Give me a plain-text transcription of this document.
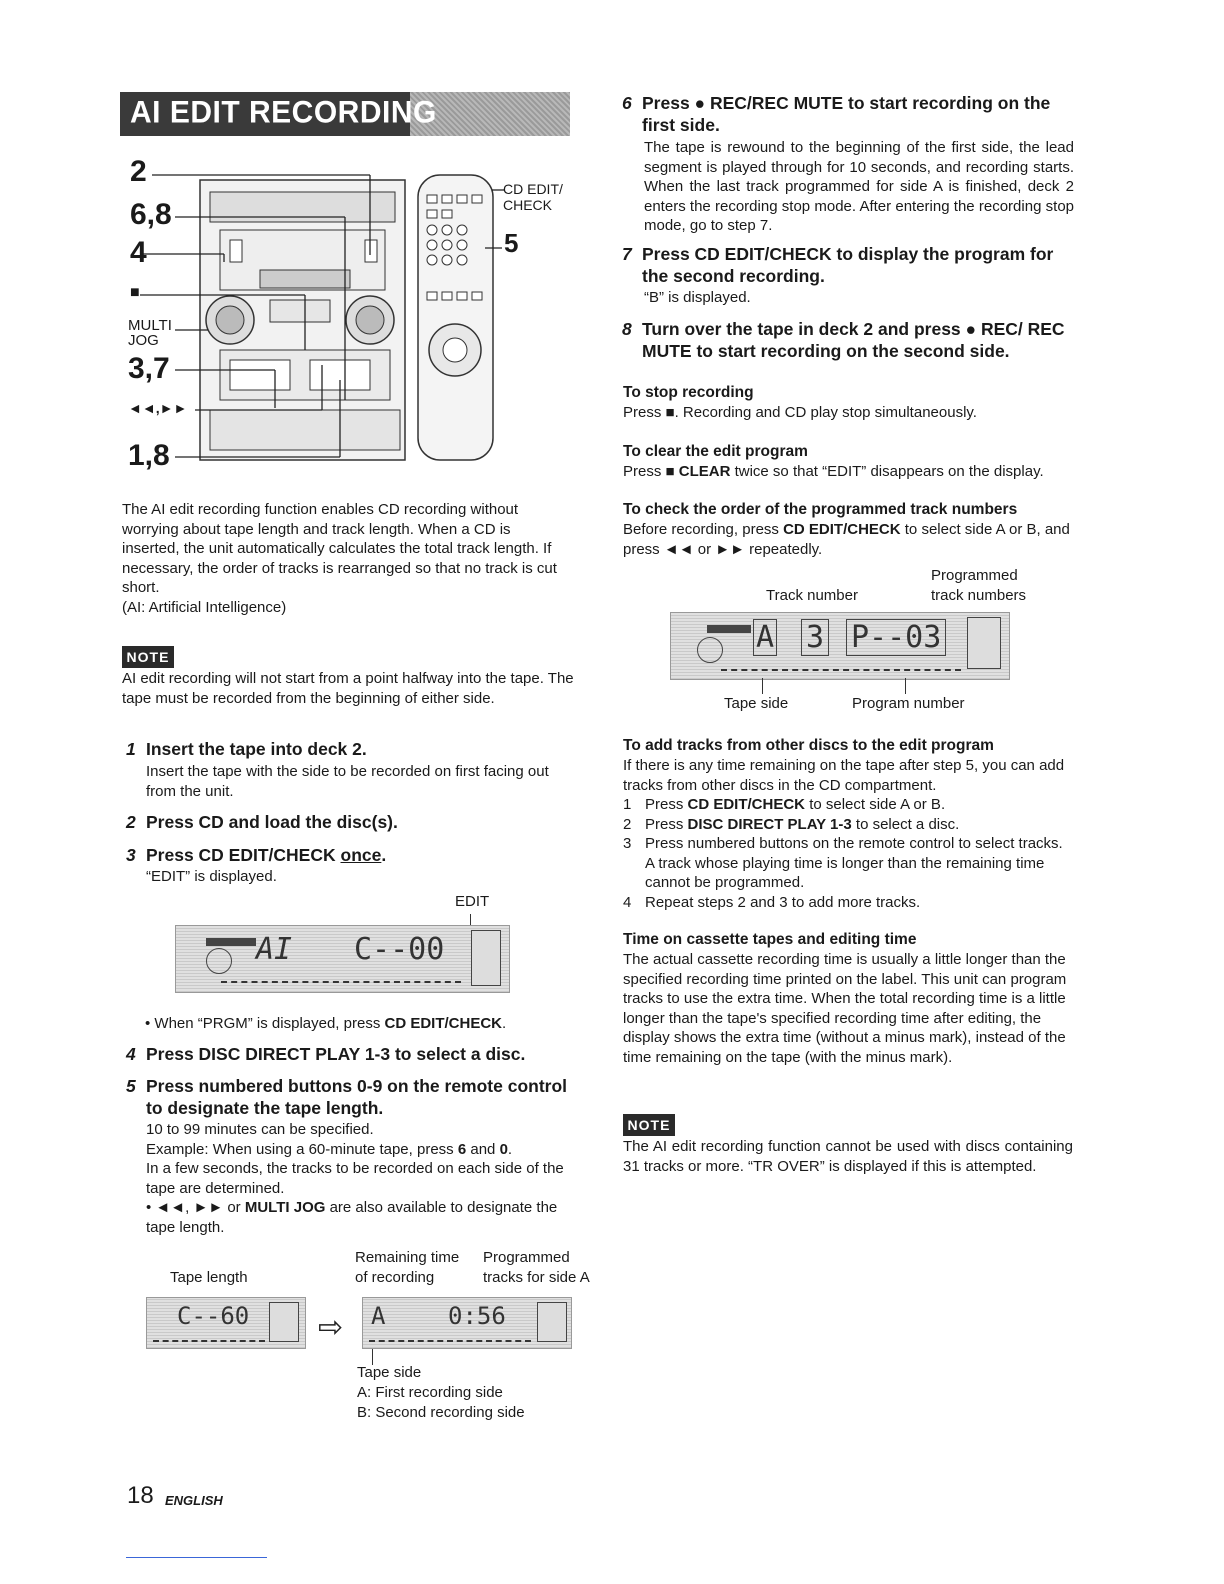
AI EDIT RECORDING
2
6,8
4
■
MULTI
JOG
3,7
◄◄,►►
1,8
CD EDIT/
CHECK
5
The AI edit recording function enables CD recording without worrying about tape length and track length. When a CD is inserted, the unit automatically calculates the total track length. If necessary, the order of tracks is rearranged so that no track is cut short.
(AI: Artificial Intelligence)
NOTE
AI edit recording will not start from a point halfway into the tape. The tape must be recorded from the beginning of either side.
1 Insert the tape into deck 2.
Insert the tape with the side to be recorded on first facing out from the unit.
2 Press CD and load the disc(s).
3 Press CD EDIT/CHECK once.
“EDIT” is displayed.
EDIT
AI C--00
• When “PRGM” is displayed, press CD EDIT/CHECK.
4 Press DISC DIRECT PLAY 1-3 to select a disc.
5 Press numbered buttons 0-9 on the remote control to designate the tape length.
10 to 99 minutes can be specified.
Example: When using a 60-minute tape, press 6 and 0.
In a few seconds, the tracks to be recorded on each side of the tape are determined.
• ◄◄, ►► or MULTI JOG are also available to designate the tape length.
Tape length
Remaining time
of recording
Programmed
tracks for side A
C--60 ⇨ A	0:56
Tape side
A: First recording side
B: Second recording side
18 ENGLISH
6 Press ● REC/REC MUTE to start recording on the first side.
The tape is rewound to the beginning of the first side, the lead segment is played through for 10 seconds, and recording starts. When the last track programmed for side A is finished, deck 2 enters the recording stop mode. After entering the recording stop mode, go to step 7.
7 Press CD EDIT/CHECK to display the program for the second recording.
“B” is displayed.
8 Turn over the tape in deck 2 and press ● REC/ REC MUTE to start recording on the second side.
To stop recording
Press ■. Recording and CD play stop simultaneously.
To clear the edit program
Press ■ CLEAR twice so that “EDIT” disappears on the display.
To check the order of the programmed track numbers
Before recording, press CD EDIT/CHECK to select side A or B, and press ◄◄ or ►► repeatedly.
Track number
Programmed
track numbers
A 3 P--03
Tape side	Program number
To add tracks from other discs to the edit program
If there is any time remaining on the tape after step 5, you can add tracks from other discs in the CD compartment.
1 Press CD EDIT/CHECK to select side A or B.
2 Press DISC DIRECT PLAY 1-3 to select a disc.
3 Press numbered buttons on the remote control to select tracks. A track whose playing time is longer than the remaining time cannot be programmed.
4 Repeat steps 2 and 3 to add more tracks.
Time on cassette tapes and editing time
The actual cassette recording time is usually a little longer than the specified recording time printed on the label. This unit can program tracks to use the extra time. When the total recording time is a little longer than the tape's specified recording time after editing, the display shows the extra time (without a minus mark), instead of the time remaining on the tape (with the minus mark).
NOTE
The AI edit recording function cannot be used with discs containing 31 tracks or more. “TR OVER” is displayed if this is attempted.
